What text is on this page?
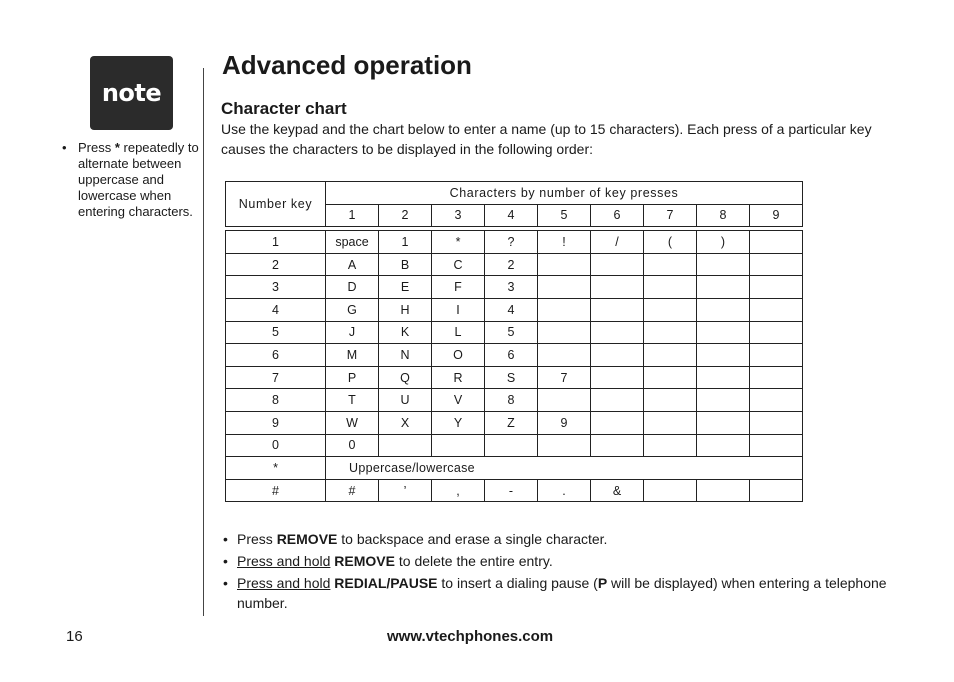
note
• Press * repeatedly to alternate between uppercase and lowercase when entering characters.
Advanced operation
Character chart

Use the keypad and the chart below to enter a name (up to 15 characters). Each press of a particular key causes the characters to be displayed in the following order:

Number key	Characters by number of key presses								
	1	2	3	4	5	6	7	8	9

1	space	1	*	?	!	/	(	)	
2	A	B	C	2					
3	D	E	F	3					
4	G	H	I	4					
5	J	K	L	5					
6	M	N	O	6					
7	P	Q	R	S	7				
8	T	U	V	8					
9	W	X	Y	Z	9				
0	0								
*	Uppercase/lowercase								
#	#	’	,	-	.	&			
• Press REMOVE to backspace and erase a single character.
• Press and hold REMOVE to delete the entire entry.
• Press and hold REDIAL/PAUSE to insert a dialing pause (P will be displayed) when entering a telephone number.
16	www.vtechphones.com
